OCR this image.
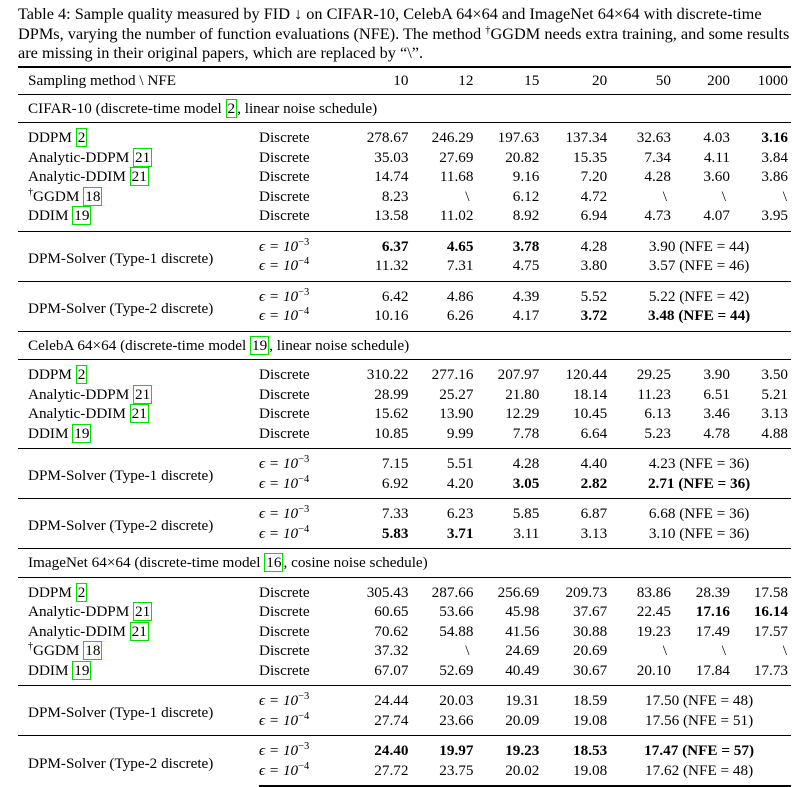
Table 4: Sample quality measured by FID ↓ on CIFAR-10, CelebA 64×64 and ImageNet 64×64 with discrete-time DPMs, varying the number of function evaluations (NFE). The method †GGDM needs extra training, and some results are missing in their original papers, which are replaced by “\”.
Sampling method \ NFE		10	12	15	20	50	200	1000
CIFAR-10 (discrete-time model 2 , linear noise schedule)								
DDPM 2	Discrete	278.67	246.29	197.63	137.34	32.63	4.03	3.16
Analytic-DDPM 21	Discrete	35.03	27.69	20.82	15.35	7.34	4.11	3.84
Analytic-DDIM 21	Discrete	14.74	11.68	9.16	7.20	4.28	3.60	3.86
†GGDM 18	Discrete	8.23	\	6.12	4.72	\	\	\
DDIM 19	Discrete	13.58	11.02	8.92	6.94	4.73	4.07	3.95
DPM-Solver (Type-1 discrete)	$\epsilon = 10^{-3}$	6.37	4.65	3.78	4.28	3.90 (NFE = 44)		
	$\epsilon = 10^{-4}$	11.32	7.31	4.75	3.80	3.57 (NFE = 46)		
DPM-Solver (Type-2 discrete)	$\epsilon = 10^{-3}$	6.42	4.86	4.39	5.52	5.22 (NFE = 42)		
	$\epsilon = 10^{-4}$	10.16	6.26	4.17	3.72	3.48 (NFE = 44)		
CelebA 64×64 (discrete-time model 19 , linear noise schedule)								
DDPM 2	Discrete	310.22	277.16	207.97	120.44	29.25	3.90	3.50
Analytic-DDPM 21	Discrete	28.99	25.27	21.80	18.14	11.23	6.51	5.21
Analytic-DDIM 21	Discrete	15.62	13.90	12.29	10.45	6.13	3.46	3.13
DDIM 19	Discrete	10.85	9.99	7.78	6.64	5.23	4.78	4.88
DPM-Solver (Type-1 discrete)	$\epsilon = 10^{-3}$	7.15	5.51	4.28	4.40	4.23 (NFE = 36)		
	$\epsilon = 10^{-4}$	6.92	4.20	3.05	2.82	2.71 (NFE = 36)		
DPM-Solver (Type-2 discrete)	$\epsilon = 10^{-3}$	7.33	6.23	5.85	6.87	6.68 (NFE = 36)		
	$\epsilon = 10^{-4}$	5.83	3.71	3.11	3.13	3.10 (NFE = 36)		
ImageNet 64×64 (discrete-time model 16 , cosine noise schedule)								
DDPM 2	Discrete	305.43	287.66	256.69	209.73	83.86	28.39	17.58
Analytic-DDPM 21	Discrete	60.65	53.66	45.98	37.67	22.45	17.16	16.14
Analytic-DDIM 21	Discrete	70.62	54.88	41.56	30.88	19.23	17.49	17.57
†GGDM 18	Discrete	37.32	\	24.69	20.69	\	\	\
DDIM 19	Discrete	67.07	52.69	40.49	30.67	20.10	17.84	17.73
DPM-Solver (Type-1 discrete)	$\epsilon = 10^{-3}$	24.44	20.03	19.31	18.59	17.50 (NFE = 48)		
	$\epsilon = 10^{-4}$	27.74	23.66	20.09	19.08	17.56 (NFE = 51)		
DPM-Solver (Type-2 discrete)	$\epsilon = 10^{-3}$	24.40	19.97	19.23	18.53	17.47 (NFE = 57)		
	$\epsilon = 10^{-4}$	27.72	23.75	20.02	19.08	17.62 (NFE = 48)		
